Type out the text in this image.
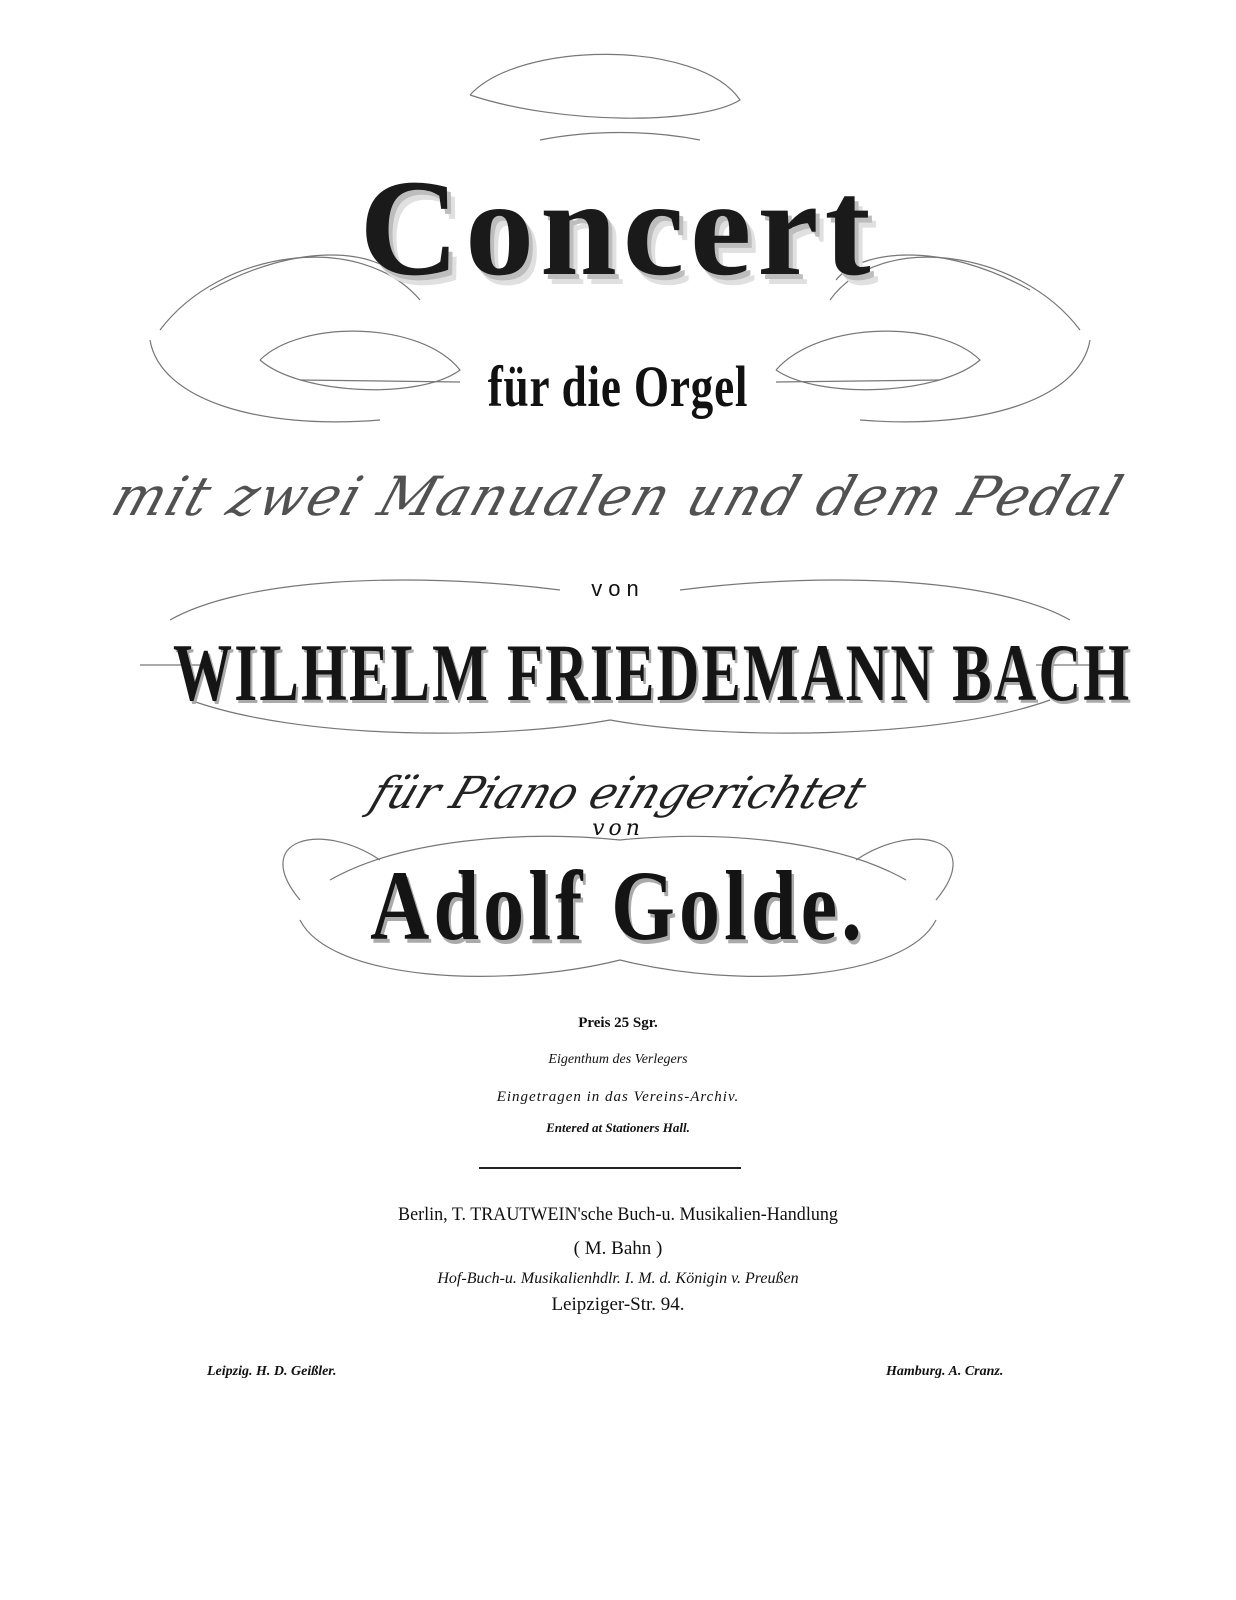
Concert
für die Orgel
mit zwei Manualen und dem Pedal
von
WILHELM FRIEDEMANN BACH
für Piano eingerichtet
von
Adolf Golde.
Preis 25 Sgr.
Eigenthum des Verlegers
Eingetragen in das Vereins-Archiv.
Entered at Stationers Hall.
Berlin, T. TRAUTWEIN'sche Buch-u. Musikalien-Handlung
( M. Bahn )
Hof-Buch-u. Musikalienhdlr. I. M. d. Königin v. Preußen
Leipziger-Str. 94.
Leipzig. H. D. Geißler.	Hamburg. A. Cranz.
